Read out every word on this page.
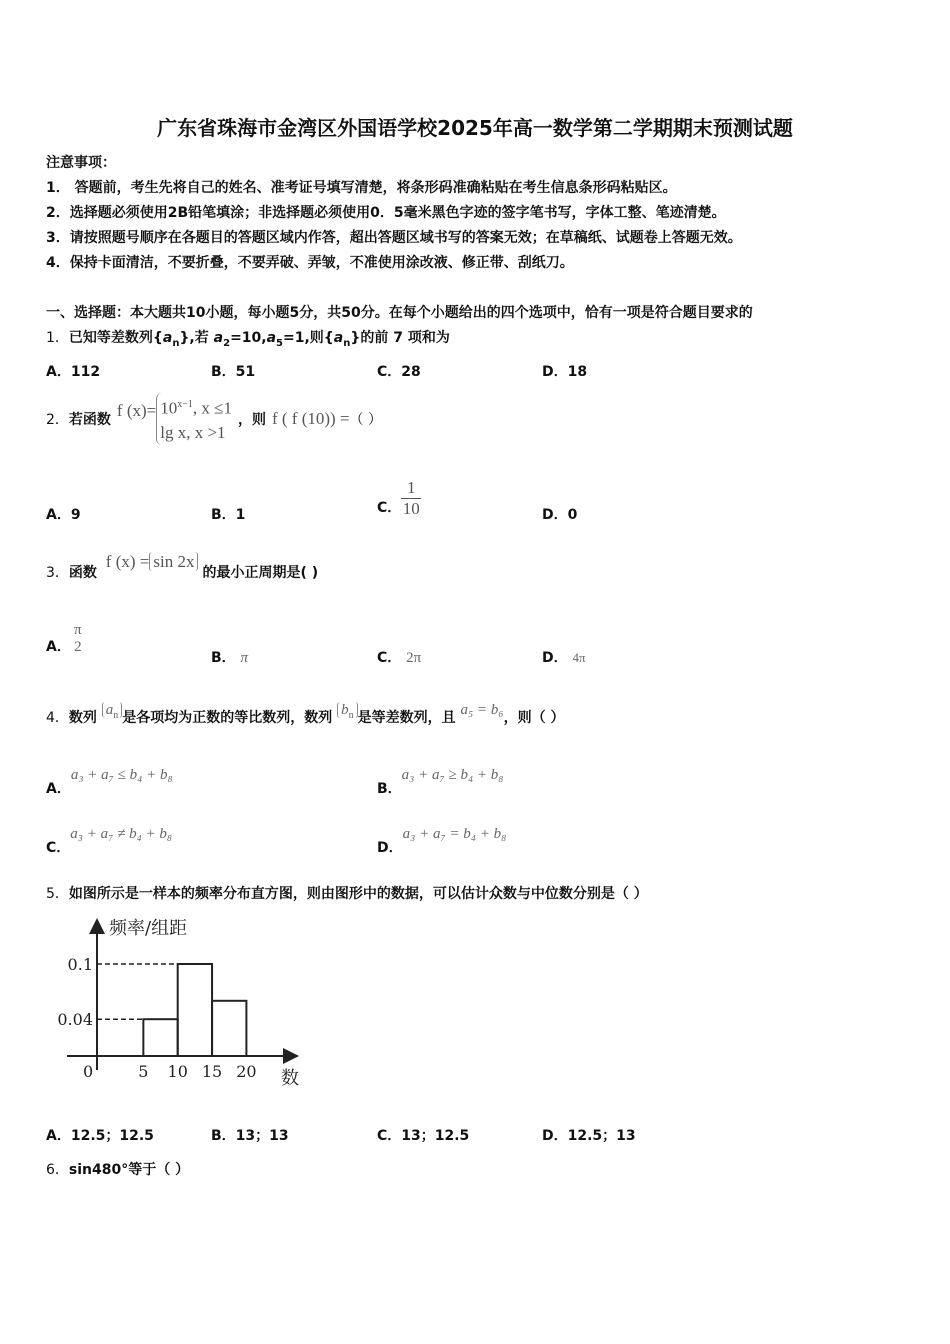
广东省珠海市金湾区外国语学校2025年高一数学第二学期期末预测试题
注意事项：
1． 答题前，考生先将自己的姓名、准考证号填写清楚，将条形码准确粘贴在考生信息条形码粘贴区。
2．选择题必须使用2B铅笔填涂；非选择题必须使用0．5毫米黑色字迹的签字笔书写，字体工整、笔迹清楚。
3．请按照题号顺序在各题目的答题区域内作答，超出答题区域书写的答案无效；在草稿纸、试题卷上答题无效。
4．保持卡面清洁，不要折叠，不要弄破、弄皱，不准使用涂改液、修正带、刮纸刀。
一、选择题：本大题共10小题，每小题5分，共50分。在每个小题给出的四个选项中，恰有一项是符合题目要求的
1．已知等差数列$\{a_n\}$,若 $a_2=10,a_5=1$,则$\{a_n\}$的前 7 项和为
A．112	B．51	C．28	D．18
2． 若函数 f $(x)= 10^{x-1}$, x ≤1
lg x, x >1
，则 f ( f (10)) = （ ）
A．9	B．1	C． $\frac{1}{10}$	D．0
3．函数 f (x) = sin 2x的最小正周期是( )
A．
π
2
B． π	C． 2π	D． 4π
4．数列 $a_n$ 是各项均为正数的等比数列，数列 $b_n$ 是等差数列，且 a₅ = b₆，则（ ）
A．a₃ + a₇ ≤ b₄ + b₈
B．a₃ + a₇ ≥ b₄ + b₈
C．a₃ + a₇ ≠ b₄ + b₈
D．a₃ + a₇ = b₄ + b₈
5．如图所示是一样本的频率分布直方图，则由图形中的数据，可以估计众数与中位数分别是（ ）
频率/组距
数
0	5 10 15 20
0.1
0.04
A．12.5；12.5	B．13；13	C．13；12.5	D．12.5；13
6．sin480°等于（ ）
